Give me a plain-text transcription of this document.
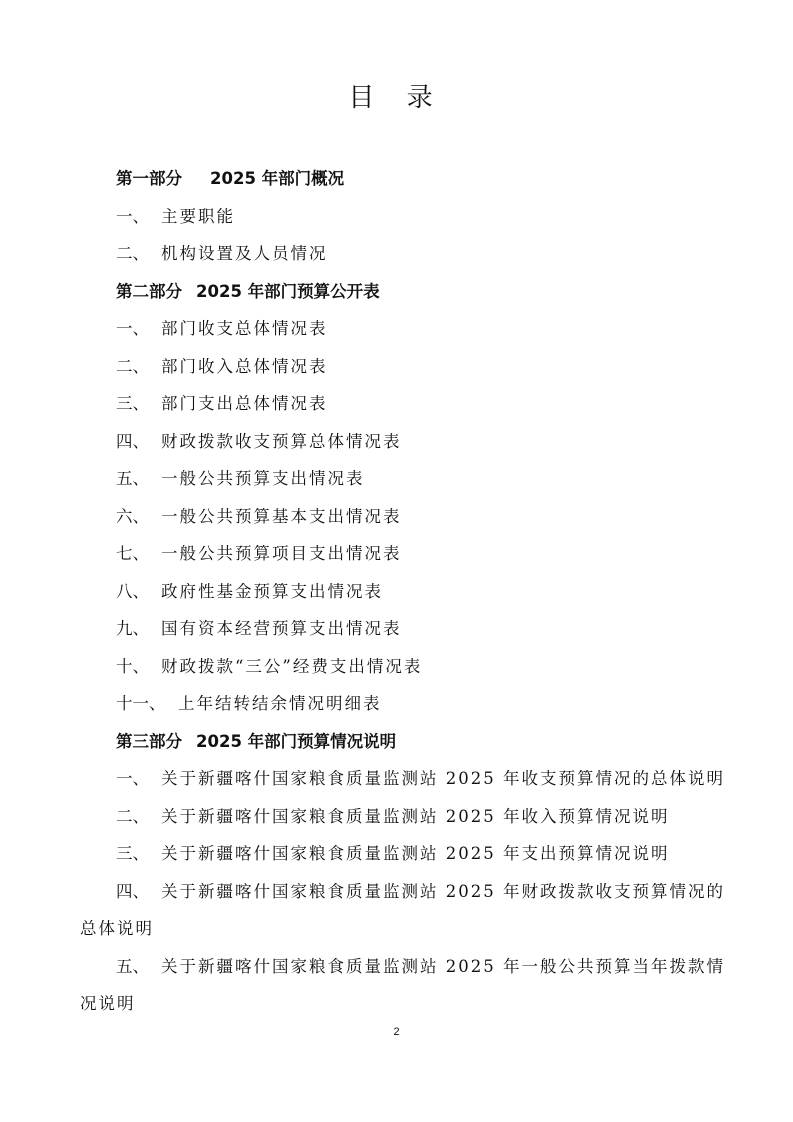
目 录
第一部分 2025 年部门概况
一、 主要职能
二、 机构设置及人员情况
第二部分 2025 年部门预算公开表
一、 部门收支总体情况表
二、 部门收入总体情况表
三、 部门支出总体情况表
四、 财政拨款收支预算总体情况表
五、 一般公共预算支出情况表
六、 一般公共预算基本支出情况表
七、 一般公共预算项目支出情况表
八、 政府性基金预算支出情况表
九、 国有资本经营预算支出情况表
十、 财政拨款“三公”经费支出情况表
十一、 上年结转结余情况明细表
第三部分 2025 年部门预算情况说明
一、 关于新疆喀什国家粮食质量监测站 2025 年收支预算情况的总体说明
二、 关于新疆喀什国家粮食质量监测站 2025 年收入预算情况说明
三、 关于新疆喀什国家粮食质量监测站 2025 年支出预算情况说明
四、 关于新疆喀什国家粮食质量监测站 2025 年财政拨款收支预算情况的
总体说明
五、 关于新疆喀什国家粮食质量监测站 2025 年一般公共预算当年拨款情
况说明
2
